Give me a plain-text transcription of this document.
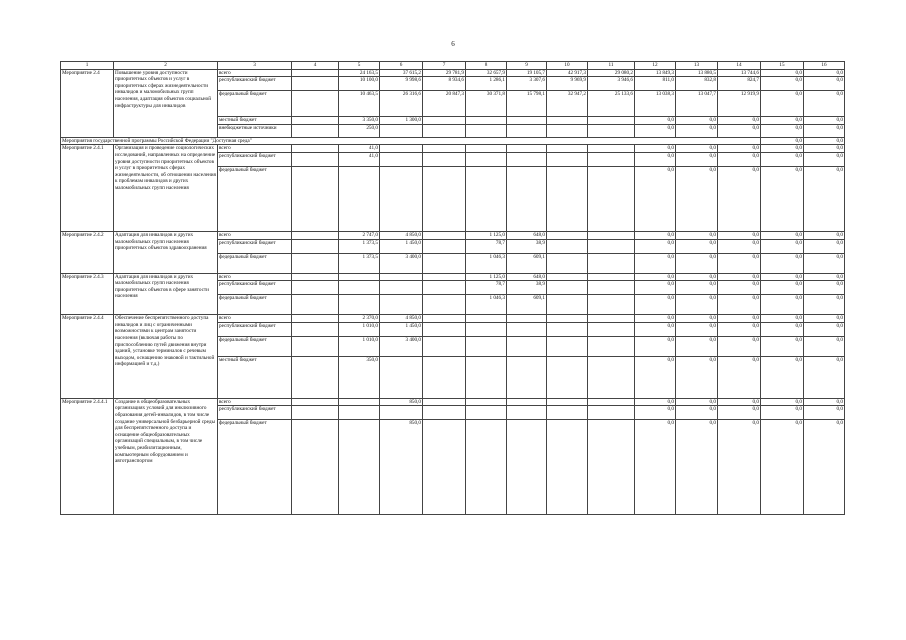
6
1	2	3	4	5	6	7	8	9	10	11	12	13	14	15	16
Мероприятие 2.4	Повышение уровня доступности приоритетных объектов и услуг в приоритетных сферах жизнедеятельности инвалидов и маломобильных групп населения, адаптация объектов социальной инфраструктуры для инвалидов	всего		24 163,5	37 615,2	29 781,9	32 657,9	19 105,7	42 917,3	29 080,2	13 849,3	13 880,5	13 744,6	0,0	0,0
		республиканский бюджет		10 100,0	9 998,6	8 934,6	1 286,1	3 307,6	9 969,9	3 946,6	811,0	832,8	824,7	0,0	0,0
		федеральный бюджет		10 463,5	26 316,6	20 847,3	30 371,8	15 798,1	32 947,2	25 133,6	13 038,3	13 047,7	12 919,9	0,0	0,0
		местный бюджет		3 350,0	1 300,0						0,0	0,0	0,0	0,0	0,0
		внебюджетные источники		250,0							0,0	0,0	0,0	0,0	0,0
Мероприятия государственной программы Российской Федерации "Доступная среда"														0,0	0,0
Мероприятие 2.4.1	Организация и проведение социологических исследований, направленных на определение уровня доступности приоритетных объектов и услуг в приоритетных сферах жизнедеятельности, об отношении населения к проблемам инвалидов и других маломобильных групп населения	всего		41,0							0,0	0,0	0,0	0,0	0,0
		республиканский бюджет		41,0							0,0	0,0	0,0	0,0	0,0
		федеральный бюджет									0,0	0,0	0,0	0,0	0,0
Мероприятие 2.4.2	Адаптация для инвалидов и других маломобильных групп населения приоритетных объектов здравоохранения	всего		2 747,0	4 850,0		1 125,0	648,0			0,0	0,0	0,0	0,0	0,0
		республиканский бюджет		1 373,5	1 450,0		78,7	38,9			0,0	0,0	0,0	0,0	0,0
		федеральный бюджет		1 373,5	3 400,0		1 046,3	609,1			0,0	0,0	0,0	0,0	0,0
Мероприятие 2.4.3	Адаптация для инвалидов и других маломобильных групп населения приоритетных объектов в сфере занятости населения	всего					1 125,0	648,0			0,0	0,0	0,0	0,0	0,0
		республиканский бюджет					78,7	38,9			0,0	0,0	0,0	0,0	0,0
		федеральный бюджет					1 046,3	609,1			0,0	0,0	0,0	0,0	0,0
Мероприятие 2.4.4	Обеспечение беспрепятственного доступа инвалидов и лиц с ограниченными возможностями к центрам занятости населения (включая работы по приспособлению путей движения внутри зданий, установке терминалов с речевым выходом, оснащению знаковой и тактильной информацией и т.д.)	всего		2 370,0	4 850,0						0,0	0,0	0,0	0,0	0,0
		республиканский бюджет		1 010,0	1 450,0						0,0	0,0	0,0	0,0	0,0
		федеральный бюджет		1 010,0	3 400,0						0,0	0,0	0,0	0,0	0,0
		местный бюджет		350,0							0,0	0,0	0,0	0,0	0,0
Мероприятие 2.4.4.1	Создание в общеобразовательных организациях условий для инклюзивного образования детей-инвалидов, в том числе создание универсальной безбарьерной среды для беспрепятственного доступа и оснащение общеобразовательных организаций специальным, в том числе учебным, реабилитационным, компьютерным оборудованием и автотранспортом	всего			850,0						0,0	0,0	0,0	0,0	0,0
		республиканский бюджет									0,0	0,0	0,0	0,0	0,0
		федеральный бюджет			850,0						0,0	0,0	0,0	0,0	0,0
